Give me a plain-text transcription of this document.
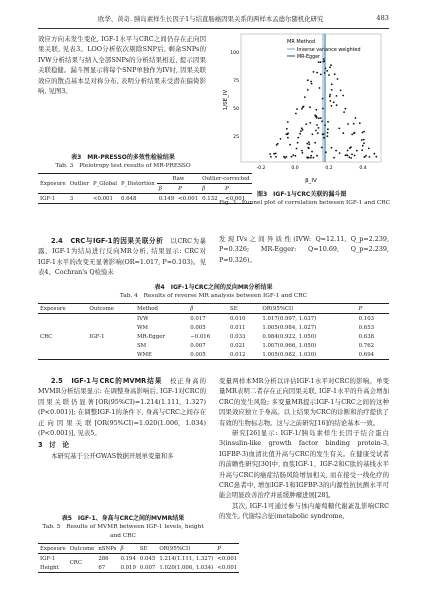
欧华、黄奇. 胰岛素样生长因子1与结直肠癌因果关系的两样本孟德尔随机化研究	483

效应方向未发生变化, IGF-1水平与CRC之间仍存在正向因果关联, 见表3。LOO分析依次剔除SNP后, 剩余SNPs的IVW分析结果与纳入全部SNPs的分析结果相近, 提示因果关联稳健。漏斗图显示将每个SNP单独作为IV时, 因果关联效应的散点基本呈对称分布, 表明分析结果未受潜在偏倚影响, 见图3。

表3　MR-PRESSO的多效性检验结果
Tab. 3　Pleiotropy test results of MR-PRESSO
Exposure	Outlier	P_Global	P_Distortion	Raw		Outlier-corrected	
				β	P	β	P
IGF-1	3	<0.001	0.648	0.149	<0.001	0.132	<0.001

2.4　CRC与IGF-1的因果关联分析　 以CRC为暴露、IGF-1为结局进行反向MR分析, 结果显示: CRC对IGF-1水平的改变无显著影响(OR=1.017, P=0.103)。见表4。Cochran's Q检验未

100
75
50
25
-0.2	0.0	0.2	0.4
1/SE_IV
β_IV
MR Method
Inverse variance weighted
MR-Egger
图3　IGF-1与CRC关联的漏斗图
Fig. 3　Funnel plot of correlation between IGF-1 and CRC

发现IVs之间异质性(IVW: Q=12.11, Q_p=2.239, P=0.326; MR-Egger: Q=10.69, Q_p=2.239, P=0.326)。

表4　IGF-1与CRC之间的反向MR分析结果
Tab. 4　Results of reverse MR analysis between IGF-1 and CRC
Exposure	Outcome	Method	β	SE	OR(95%CI)	P
CRC	IGF-1	IVW	0.017	0.010	1.017(0.997, 1.037)	0.103
		WM	0.005	0.011	1.005(0.984, 1.027)	0.653
		MR-Egger	−0.016	0.033	0.984(0.922, 1.050)	0.638
		SM	0.007	0.021	1.007(0.966, 1.050)	0.762
		WME	0.005	0.012	1.005(0.982, 1.030)	0.694

2.5　IGF-1与CRC的MVMR结果　 校正身高的MVMR分析结果显示: 在调整身高影响后, IGF-1对CRC的因果关联仍显著[OR(95%CI)=1.214(1.111, 1.327)(P<0.001)]; 在调整IGF-1的条件下, 身高与CRC之间存在正向因果关联[OR(95%CI)=1.020(1.006, 1.034)(P<0.001)], 见表5。

3　讨　论

本研究基于公开GWAS数据开展单变量和多

表5　IGF-1、身高与CRC之间的MVMR结果
Tab. 5　Results of MVMR between IGF-1 levels, height and CRC
Exposure	Outcome	nSNPs	β	SE	OR(95%CI)	P
IGF-1	CRC	286	0.194	0.045	1.214(1.111, 1.327)	<0.001
Height		67	0.019	0.007	1.020(1.006, 1.034)	<0.001

变量两样本MR分析以评估IGF-1水平对CRC的影响。单变量MR表明二者存在正向因果关联, IGF-1水平的升高会增加CRC的发生风险; 多变量MR提示IGF-1与CRC之间的这种因果效应独立于身高。以上结果为CRC的诊断和治疗提供了有效的生物标志物。这与之前研究[16]的结论基本一致。

研究[26]显示: IGF-1/胰岛素样生长因子结合蛋白3(insulin-like growth factor binding protein-3, IGFBP-3)血清比值升高与CRC的发生有关。在健康受试者的前瞻性研究[30]中, 血浆IGF-1、IGF-2和C肽的基线水平升高与CRC的癌症结肠风险增加相关, 而在接受一线化疗的CRC患者中, 增加IGF-1和IGFBP-3的内源性抗抗测水平可能会明显改善治疗并延缓肿瘤进展[28]。

其次, IGF-1可通过参与体内葡萄糖代谢紊乱影响CRC的发生, 代谢综合征(metabolic syndrome,
